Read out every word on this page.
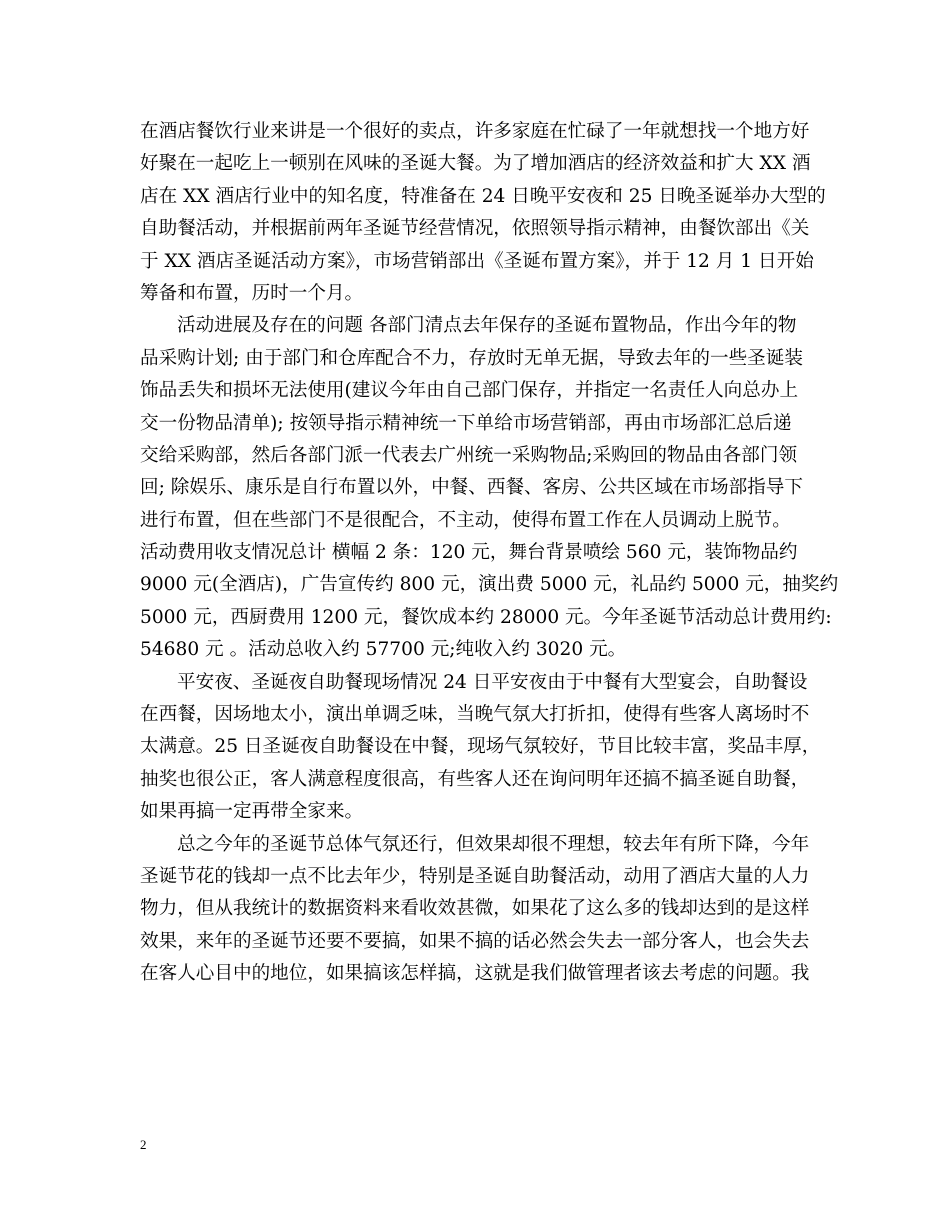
在酒店餐饮行业来讲是一个很好的卖点，许多家庭在忙碌了一年就想找一个地方好
好聚在一起吃上一顿别在风味的圣诞大餐。为了增加酒店的经济效益和扩大 XX 酒
店在 XX 酒店行业中的知名度，特准备在 24 日晚平安夜和 25 日晚圣诞举办大型的
自助餐活动，并根据前两年圣诞节经营情况，依照领导指示精神，由餐饮部出《关
于 XX 酒店圣诞活动方案》，市场营销部出《圣诞布置方案》，并于 12 月 1 日开始
筹备和布置，历时一个月。
活动进展及存在的问题 各部门清点去年保存的圣诞布置物品，作出今年的物
品采购计划; 由于部门和仓库配合不力，存放时无单无据，导致去年的一些圣诞装
饰品丢失和损坏无法使用(建议今年由自己部门保存，并指定一名责任人向总办上
交一份物品清单); 按领导指示精神统一下单给市场营销部，再由市场部汇总后递
交给采购部，然后各部门派一代表去广州统一采购物品;采购回的物品由各部门领
回; 除娱乐、康乐是自行布置以外，中餐、西餐、客房、公共区域在市场部指导下
进行布置，但在些部门不是很配合，不主动，使得布置工作在人员调动上脱节。
活动费用收支情况总计 横幅 2 条：120 元，舞台背景喷绘 560 元，装饰物品约
9000 元(全酒店)，广告宣传约 800 元，演出费 5000 元，礼品约 5000 元，抽奖约
5000 元，西厨费用 1200 元，餐饮成本约 28000 元。今年圣诞节活动总计费用约:
54680 元 。活动总收入约 57700 元;纯收入约 3020 元。
平安夜、圣诞夜自助餐现场情况 24 日平安夜由于中餐有大型宴会，自助餐设
在西餐，因场地太小，演出单调乏味，当晚气氛大打折扣，使得有些客人离场时不
太满意。25 日圣诞夜自助餐设在中餐，现场气氛较好，节目比较丰富，奖品丰厚，
抽奖也很公正，客人满意程度很高，有些客人还在询问明年还搞不搞圣诞自助餐，
如果再搞一定再带全家来。
总之今年的圣诞节总体气氛还行，但效果却很不理想，较去年有所下降，今年
圣诞节花的钱却一点不比去年少，特别是圣诞自助餐活动，动用了酒店大量的人力
物力，但从我统计的数据资料来看收效甚微，如果花了这么多的钱却达到的是这样
效果，来年的圣诞节还要不要搞，如果不搞的话必然会失去一部分客人，也会失去
在客人心目中的地位，如果搞该怎样搞，这就是我们做管理者该去考虑的问题。我
2
